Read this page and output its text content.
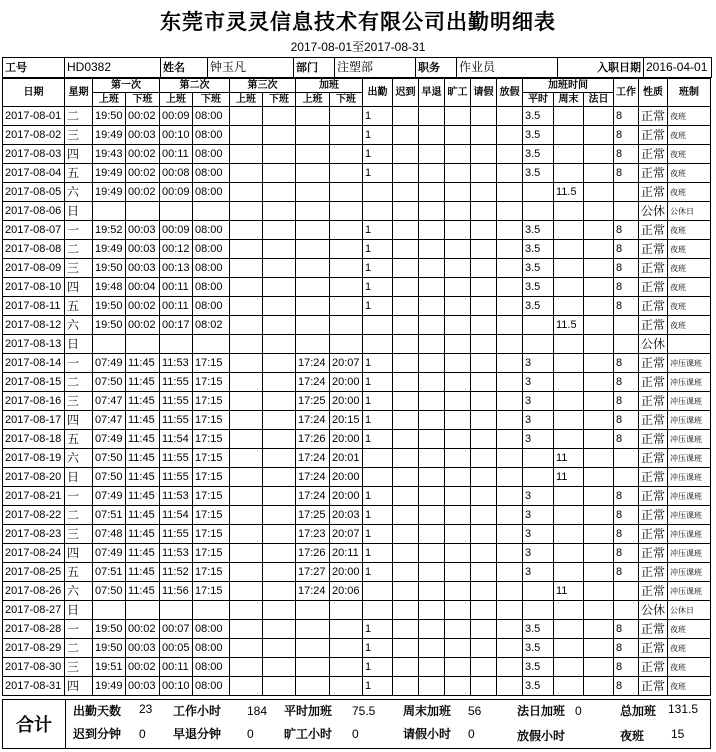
东莞市灵灵信息技术有限公司出勤明细表
2017-08-01至2017-08-31
工号	HD0382	姓名	钟玉凡	部门	注塑部	职务	作业员	入职日期	2016-04-01
日期	星期	第一次		第二次		第三次		加班		出勤	迟到	早退	旷工	请假	放假	加班时间			工作	性质	班制
		上班	下班	上班	下班	上班	下班	上班	下班							平时	周末	法日			
2017-08-01	二	19:50	00:02	00:09	08:00					1						3.5			8	正常	夜班
2017-08-02	三	19:49	00:03	00:10	08:00					1						3.5			8	正常	夜班
2017-08-03	四	19:43	00:02	00:11	08:00					1						3.5			8	正常	夜班
2017-08-04	五	19:49	00:02	00:08	08:00					1						3.5			8	正常	夜班
2017-08-05	六	19:49	00:02	00:09	08:00												11.5			正常	夜班
2017-08-06	日																			公休	公休日
2017-08-07	一	19:52	00:03	00:09	08:00					1						3.5			8	正常	夜班
2017-08-08	二	19:49	00:03	00:12	08:00					1						3.5			8	正常	夜班
2017-08-09	三	19:50	00:03	00:13	08:00					1						3.5			8	正常	夜班
2017-08-10	四	19:48	00:04	00:11	08:00					1						3.5			8	正常	夜班
2017-08-11	五	19:50	00:02	00:11	08:00					1						3.5			8	正常	夜班
2017-08-12	六	19:50	00:02	00:17	08:02												11.5			正常	夜班
2017-08-13	日																			公休	
2017-08-14	一	07:49	11:45	11:53	17:15			17:24	20:07	1						3			8	正常	冲压课班
2017-08-15	二	07:50	11:45	11:55	17:15			17:24	20:00	1						3			8	正常	冲压课班
2017-08-16	三	07:47	11:45	11:55	17:15			17:25	20:00	1						3			8	正常	冲压课班
2017-08-17	四	07:47	11:45	11:55	17:15			17:24	20:15	1						3			8	正常	冲压课班
2017-08-18	五	07:49	11:45	11:54	17:15			17:26	20:00	1						3			8	正常	冲压课班
2017-08-19	六	07:50	11:45	11:55	17:15			17:24	20:01								11			正常	冲压课班
2017-08-20	日	07:50	11:45	11:55	17:15			17:24	20:00								11			正常	冲压课班
2017-08-21	一	07:49	11:45	11:53	17:15			17:24	20:00	1						3			8	正常	冲压课班
2017-08-22	二	07:51	11:45	11:54	17:15			17:25	20:03	1						3			8	正常	冲压课班
2017-08-23	三	07:48	11:45	11:55	17:15			17:23	20:07	1						3			8	正常	冲压课班
2017-08-24	四	07:49	11:45	11:53	17:15			17:26	20:11	1						3			8	正常	冲压课班
2017-08-25	五	07:51	11:45	11:52	17:15			17:27	20:00	1						3			8	正常	冲压课班
2017-08-26	六	07:50	11:45	11:56	17:15			17:24	20:06								11			正常	冲压课班
2017-08-27	日																			公休	公休日
2017-08-28	一	19:50	00:02	00:07	08:00					1						3.5			8	正常	夜班
2017-08-29	二	19:50	00:03	00:05	08:00					1						3.5			8	正常	夜班
2017-08-30	三	19:51	00:02	00:11	08:00					1						3.5			8	正常	夜班
2017-08-31	四	19:49	00:03	00:10	08:00					1						3.5			8	正常	夜班
合计
出勤天数 23 工作小时 184 平时加班 75.5 周末加班 56	法日加班 0	总加班 131.5
迟到分钟 0 早退分钟 0	旷工小时 0	请假小时 0	放假小时	夜班 15
